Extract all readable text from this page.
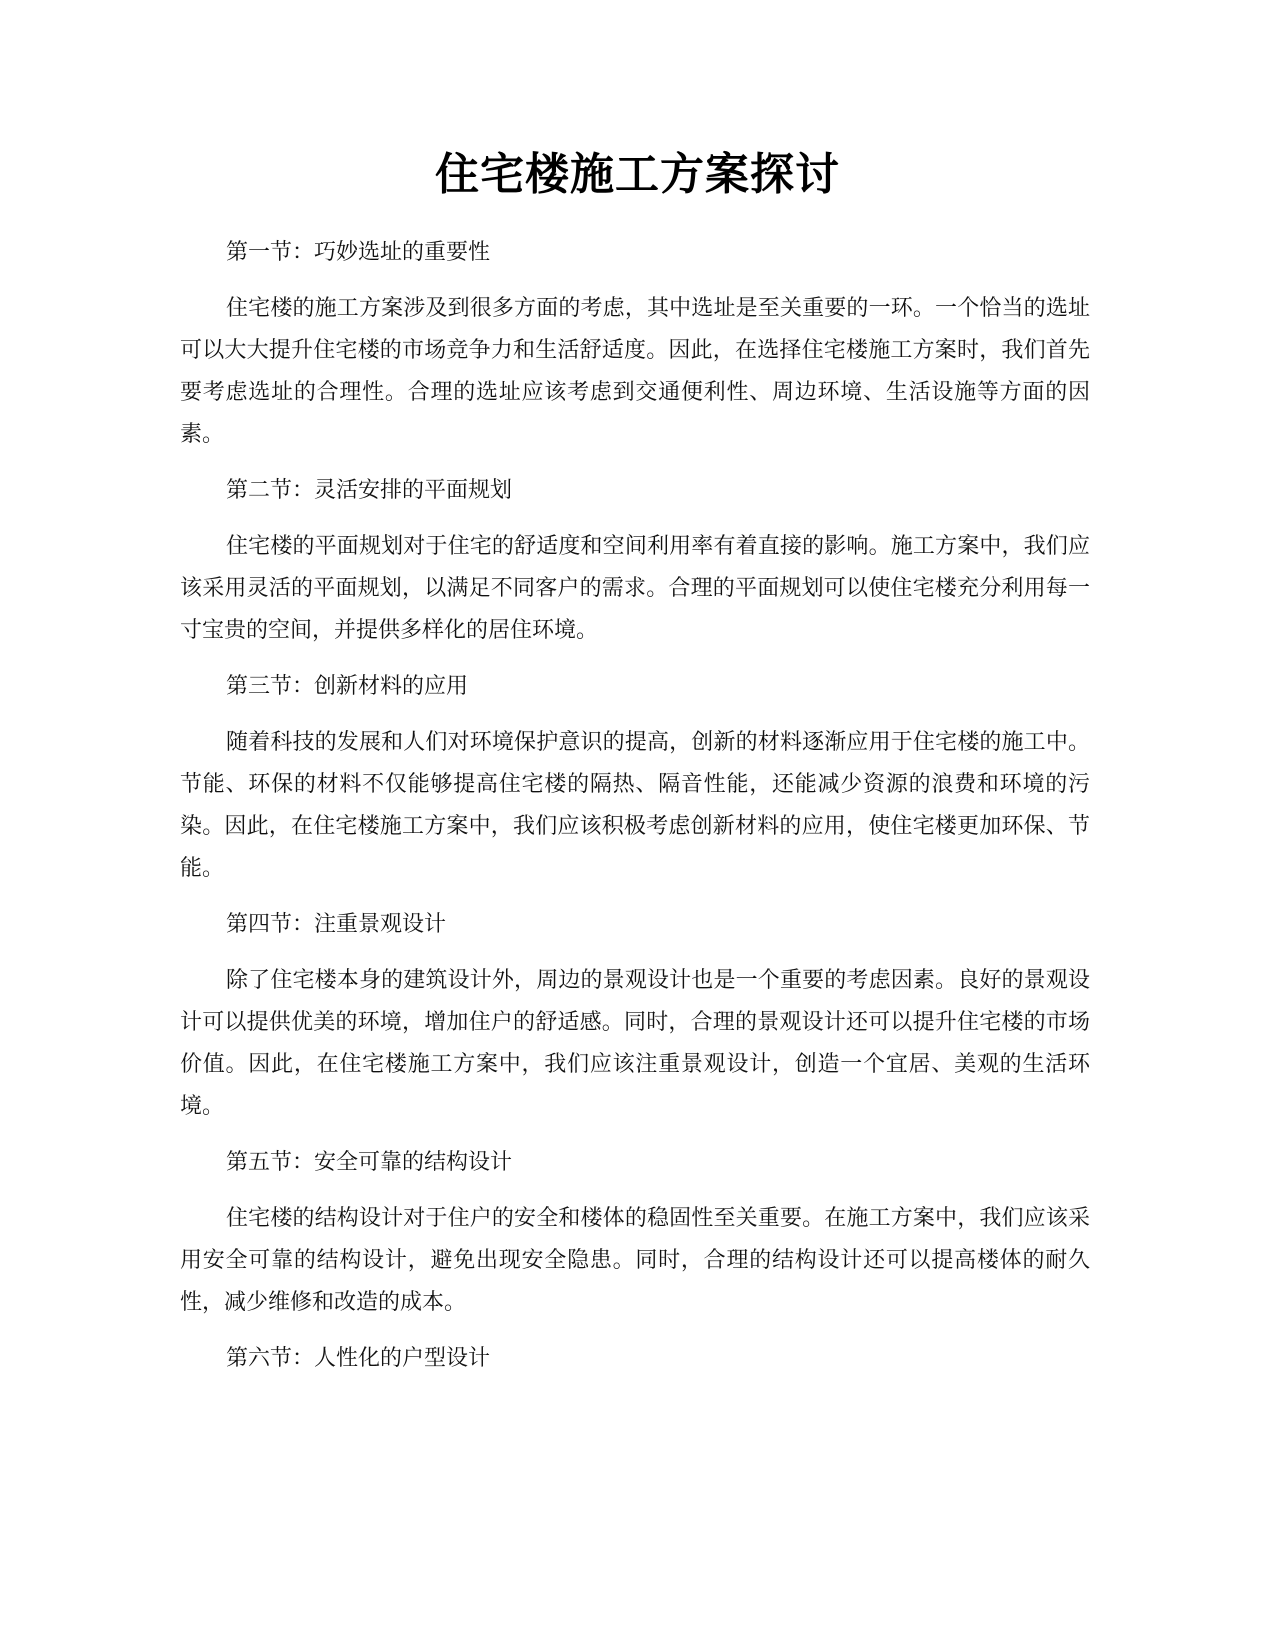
住宅楼施工方案探讨

第一节：巧妙选址的重要性

住宅楼的施工方案涉及到很多方面的考虑，其中选址是至关重要的一环。一个恰当的选址可以大大提升住宅楼的市场竞争力和生活舒适度。因此，在选择住宅楼施工方案时，我们首先要考虑选址的合理性。合理的选址应该考虑到交通便利性、周边环境、生活设施等方面的因素。

第二节：灵活安排的平面规划

住宅楼的平面规划对于住宅的舒适度和空间利用率有着直接的影响。施工方案中，我们应该采用灵活的平面规划，以满足不同客户的需求。合理的平面规划可以使住宅楼充分利用每一寸宝贵的空间，并提供多样化的居住环境。

第三节：创新材料的应用

随着科技的发展和人们对环境保护意识的提高，创新的材料逐渐应用于住宅楼的施工中。节能、环保的材料不仅能够提高住宅楼的隔热、隔音性能，还能减少资源的浪费和环境的污染。因此，在住宅楼施工方案中，我们应该积极考虑创新材料的应用，使住宅楼更加环保、节能。

第四节：注重景观设计

除了住宅楼本身的建筑设计外，周边的景观设计也是一个重要的考虑因素。良好的景观设计可以提供优美的环境，增加住户的舒适感。同时，合理的景观设计还可以提升住宅楼的市场价值。因此，在住宅楼施工方案中，我们应该注重景观设计，创造一个宜居、美观的生活环境。

第五节：安全可靠的结构设计

住宅楼的结构设计对于住户的安全和楼体的稳固性至关重要。在施工方案中，我们应该采用安全可靠的结构设计，避免出现安全隐患。同时，合理的结构设计还可以提高楼体的耐久性，减少维修和改造的成本。

第六节：人性化的户型设计
